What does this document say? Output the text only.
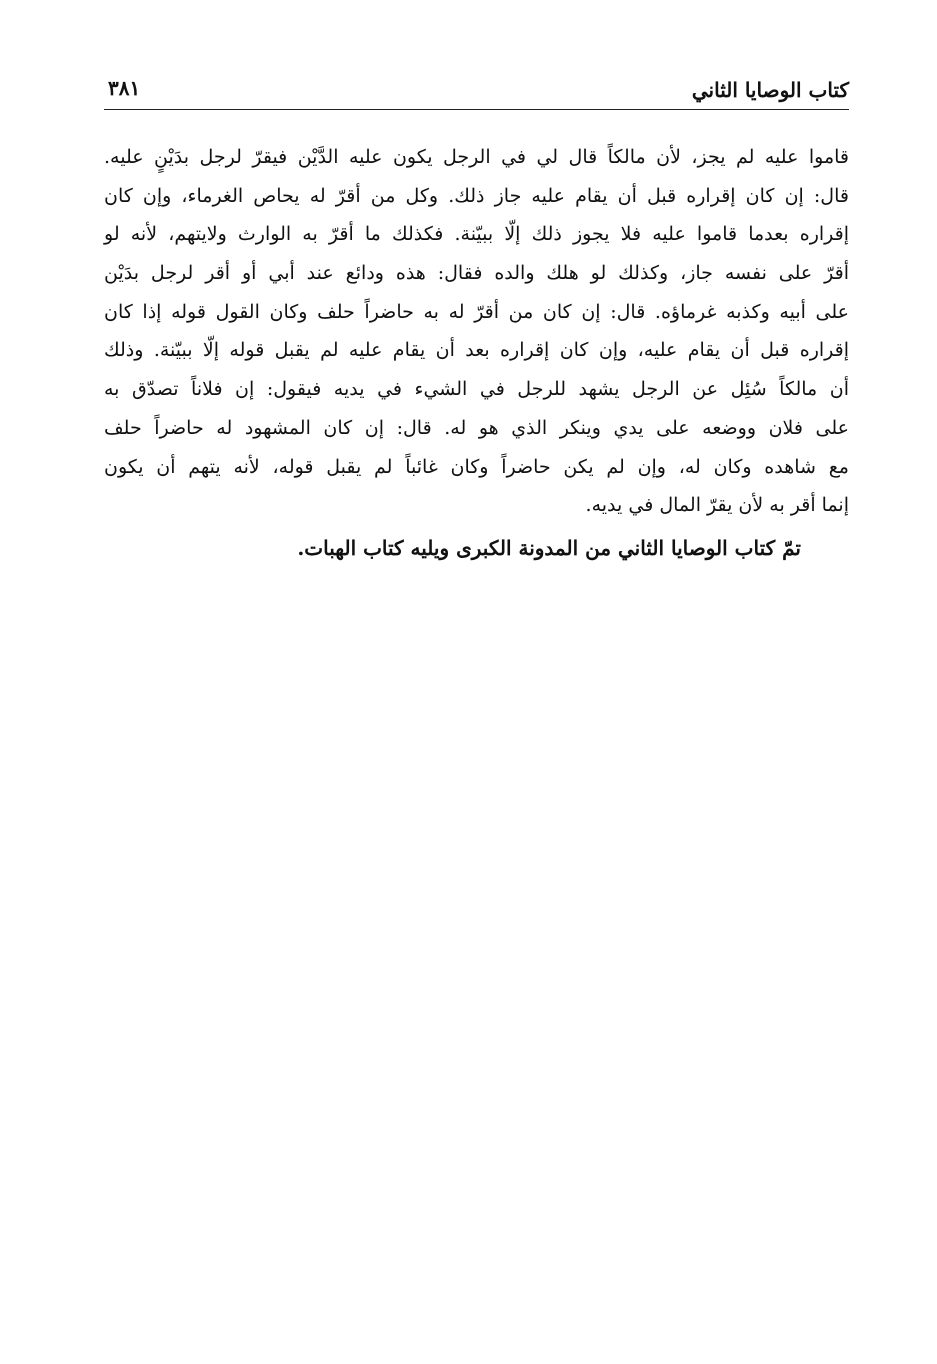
كتاب الوصايا الثاني
٣٨١
قاموا عليه لم يجز، لأن مالكاً قال لي في الرجل يكون عليه الدَّيْن فيقرّ لرجل بدَيْنٍ عليه.
قال: إن كان إقراره قبل أن يقام عليه جاز ذلك. وكل من أقرّ له يحاص الغرماء، وإن كان
إقراره بعدما قاموا عليه فلا يجوز ذلك إلّا ببيّنة. فكذلك ما أقرّ به الوارث ولايتهم، لأنه لو
أقرّ على نفسه جاز، وكذلك لو هلك والده فقال: هذه ودائع عند أبي أو أقر لرجل بدَيْن
على أبيه وكذبه غرماؤه. قال: إن كان من أقرّ له به حاضراً حلف وكان القول قوله إذا كان
إقراره قبل أن يقام عليه، وإن كان إقراره بعد أن يقام عليه لم يقبل قوله إلّا ببيّنة. وذلك
أن مالكاً سُئِل عن الرجل يشهد للرجل في الشيء في يديه فيقول: إن فلاناً تصدّق به
على فلان ووضعه على يدي وينكر الذي هو له. قال: إن كان المشهود له حاضراً حلف
مع شاهده وكان له، وإن لم يكن حاضراً وكان غائباً لم يقبل قوله، لأنه يتهم أن يكون
إنما أقر به لأن يقرّ المال في يديه.
تمّ كتاب الوصايا الثاني من المدونة الكبرى ويليه كتاب الهبات.
